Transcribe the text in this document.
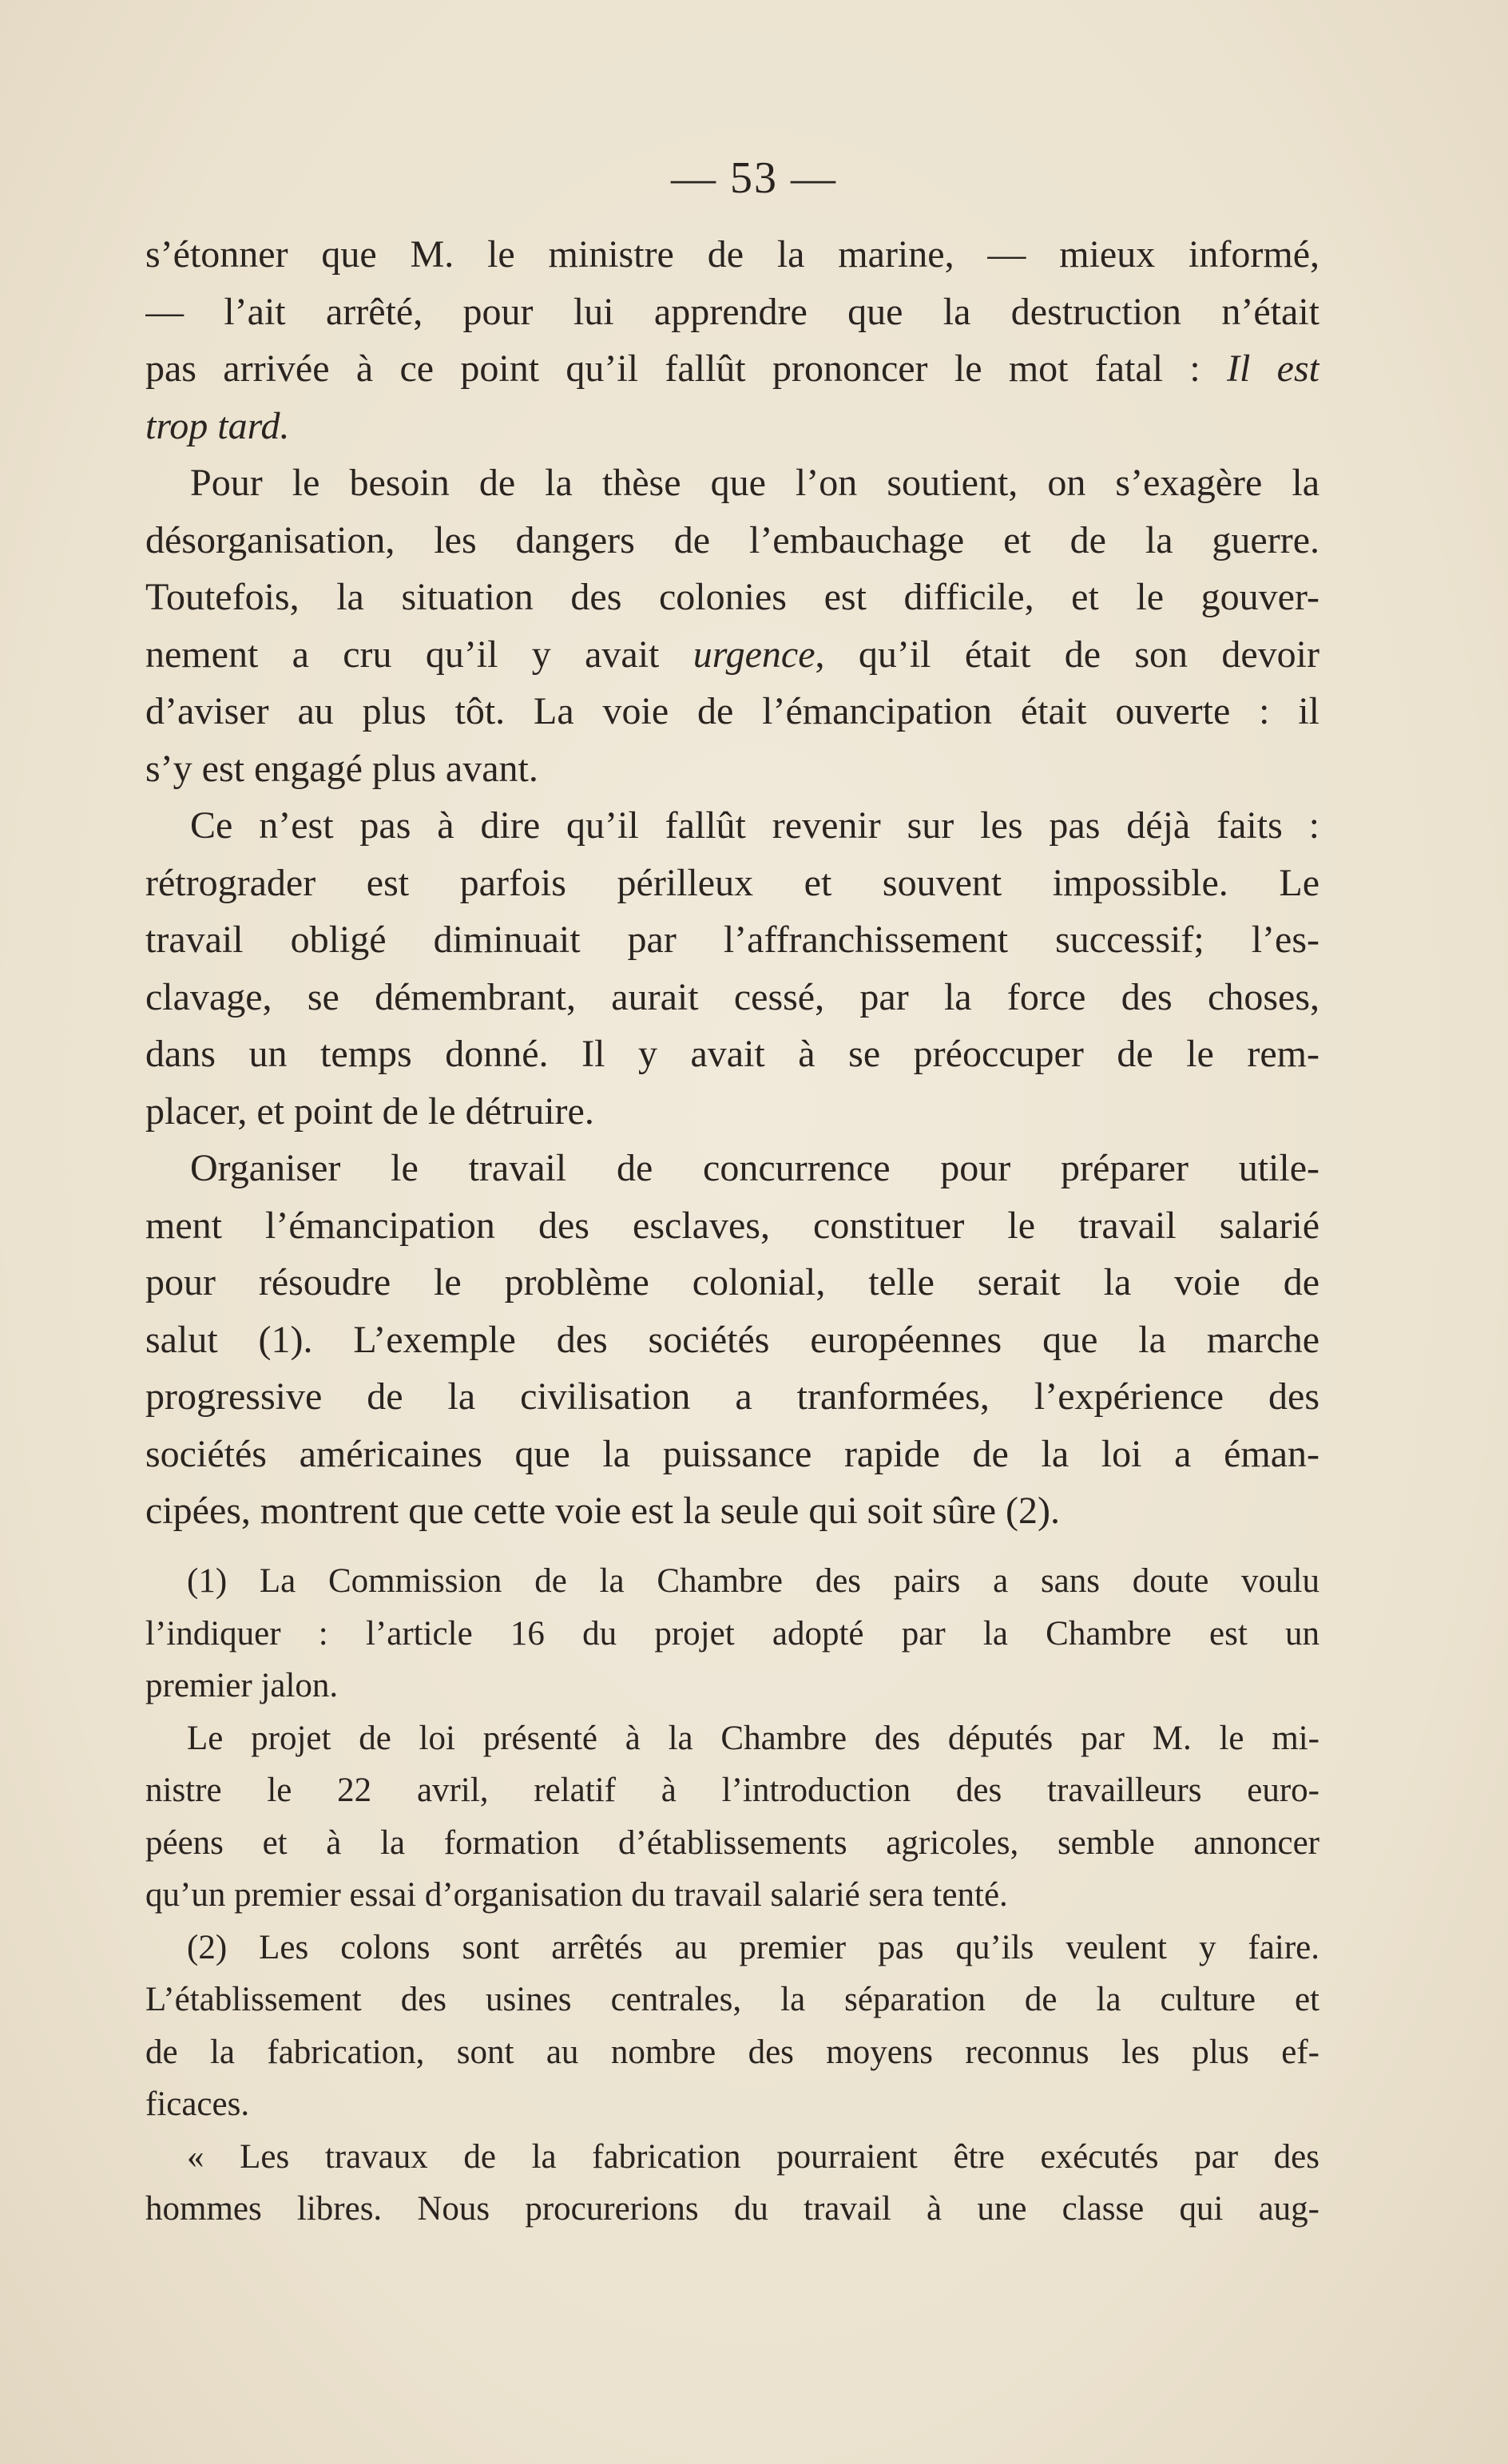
— 53 —
s’étonner que M. le ministre de la marine, — mieux informé,
— l’ait arrêté, pour lui apprendre que la destruction n’était
pas arrivée à ce point qu’il fallût prononcer le mot fatal : Il est
trop tard.
Pour le besoin de la thèse que l’on soutient, on s’exagère la
désorganisation, les dangers de l’embauchage et de la guerre.
Toutefois, la situation des colonies est difficile, et le gouver-
nement a cru qu’il y avait urgence, qu’il était de son devoir
d’aviser au plus tôt. La voie de l’émancipation était ouverte : il
s’y est engagé plus avant.
Ce n’est pas à dire qu’il fallût revenir sur les pas déjà faits :
rétrograder est parfois périlleux et souvent impossible. Le
travail obligé diminuait par l’affranchissement successif; l’es-
clavage, se démembrant, aurait cessé, par la force des choses,
dans un temps donné. Il y avait à se préoccuper de le rem-
placer, et point de le détruire.
Organiser le travail de concurrence pour préparer utile-
ment l’émancipation des esclaves, constituer le travail salarié
pour résoudre le problème colonial, telle serait la voie de
salut (1). L’exemple des sociétés européennes que la marche
progressive de la civilisation a tranformées, l’expérience des
sociétés américaines que la puissance rapide de la loi a éman-
cipées, montrent que cette voie est la seule qui soit sûre (2).
(1) La Commission de la Chambre des pairs a sans doute voulu
l’indiquer : l’article 16 du projet adopté par la Chambre est un
premier jalon.
Le projet de loi présenté à la Chambre des députés par M. le mi-
nistre le 22 avril, relatif à l’introduction des travailleurs euro-
péens et à la formation d’établissements agricoles, semble annoncer
qu’un premier essai d’organisation du travail salarié sera tenté.
(2) Les colons sont arrêtés au premier pas qu’ils veulent y faire.
L’établissement des usines centrales, la séparation de la culture et
de la fabrication, sont au nombre des moyens reconnus les plus ef-
ficaces.
« Les travaux de la fabrication pourraient être exécutés par des
hommes libres. Nous procurerions du travail à une classe qui aug-
